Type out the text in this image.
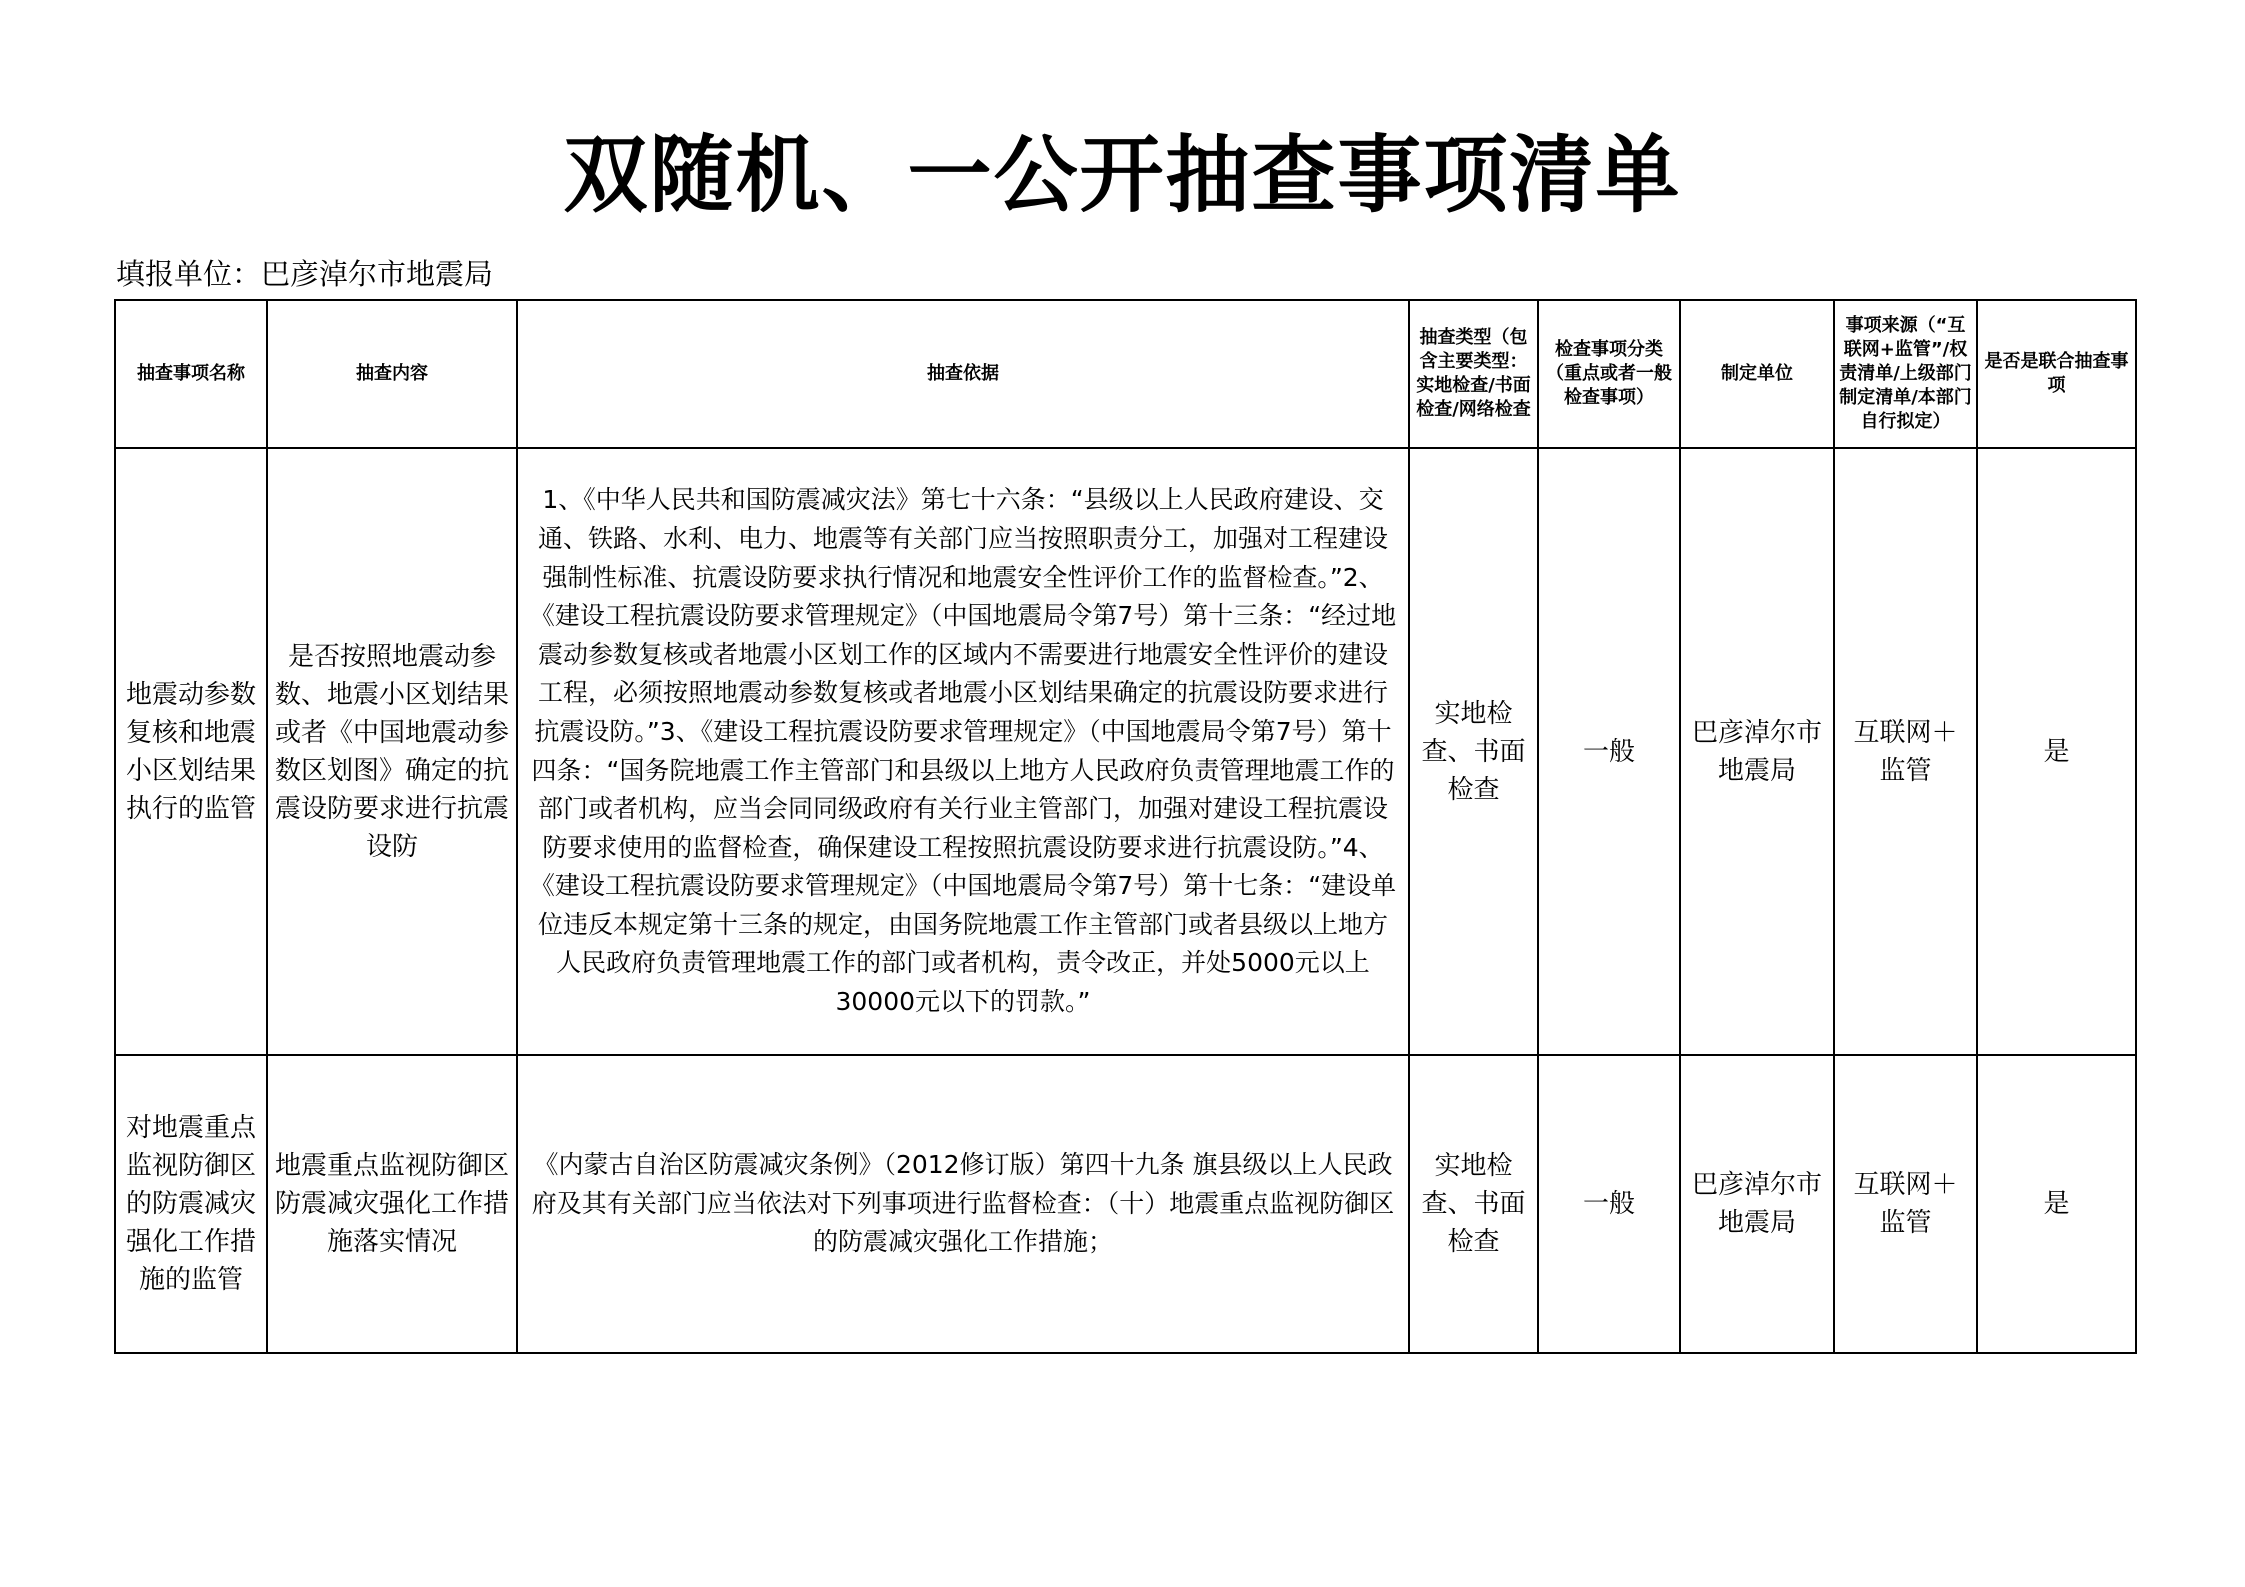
双随机、一公开抽查事项清单
填报单位：巴彦淖尔市地震局
抽查事项名称	抽查内容	抽查依据	抽查类型（包含主要类型：实地检查/书面检查/网络检查	检查事项分类（重点或者一般检查事项）	制定单位	事项来源（“互联网+监管”/权责清单/上级部门制定清单/本部门自行拟定）	是否是联合抽查事项
地震动参数复核和地震小区划结果执行的监管	是否按照地震动参数、地震小区划结果或者《中国地震动参数区划图》确定的抗震设防要求进行抗震设防	1、《中华人民共和国防震减灾法》第七十六条：“县级以上人民政府建设、交通、铁路、水利、电力、地震等有关部门应当按照职责分工，加强对工程建设强制性标准、抗震设防要求执行情况和地震安全性评价工作的监督检查。”2、《建设工程抗震设防要求管理规定》（中国地震局令第7号）第十三条：“经过地震动参数复核或者地震小区划工作的区域内不需要进行地震安全性评价的建设工程，必须按照地震动参数复核或者地震小区划结果确定的抗震设防要求进行抗震设防。”3、《建设工程抗震设防要求管理规定》（中国地震局令第7号）第十四条：“国务院地震工作主管部门和县级以上地方人民政府负责管理地震工作的部门或者机构，应当会同同级政府有关行业主管部门，加强对建设工程抗震设防要求使用的监督检查，确保建设工程按照抗震设防要求进行抗震设防。”4、《建设工程抗震设防要求管理规定》（中国地震局令第7号）第十七条：“建设单位违反本规定第十三条的规定，由国务院地震工作主管部门或者县级以上地方人民政府负责管理地震工作的部门或者机构，责令改正，并处5000元以上30000元以下的罚款。”	实地检查、书面检查	一般	巴彦淖尔市地震局	互联网＋监管	是
对地震重点监视防御区的防震减灾强化工作措施的监管	地震重点监视防御区防震减灾强化工作措施落实情况	《内蒙古自治区防震减灾条例》（2012修订版）第四十九条 旗县级以上人民政府及其有关部门应当依法对下列事项进行监督检查：（十）地震重点监视防御区的防震减灾强化工作措施；	实地检查、书面检查	一般	巴彦淖尔市地震局	互联网＋监管	是
